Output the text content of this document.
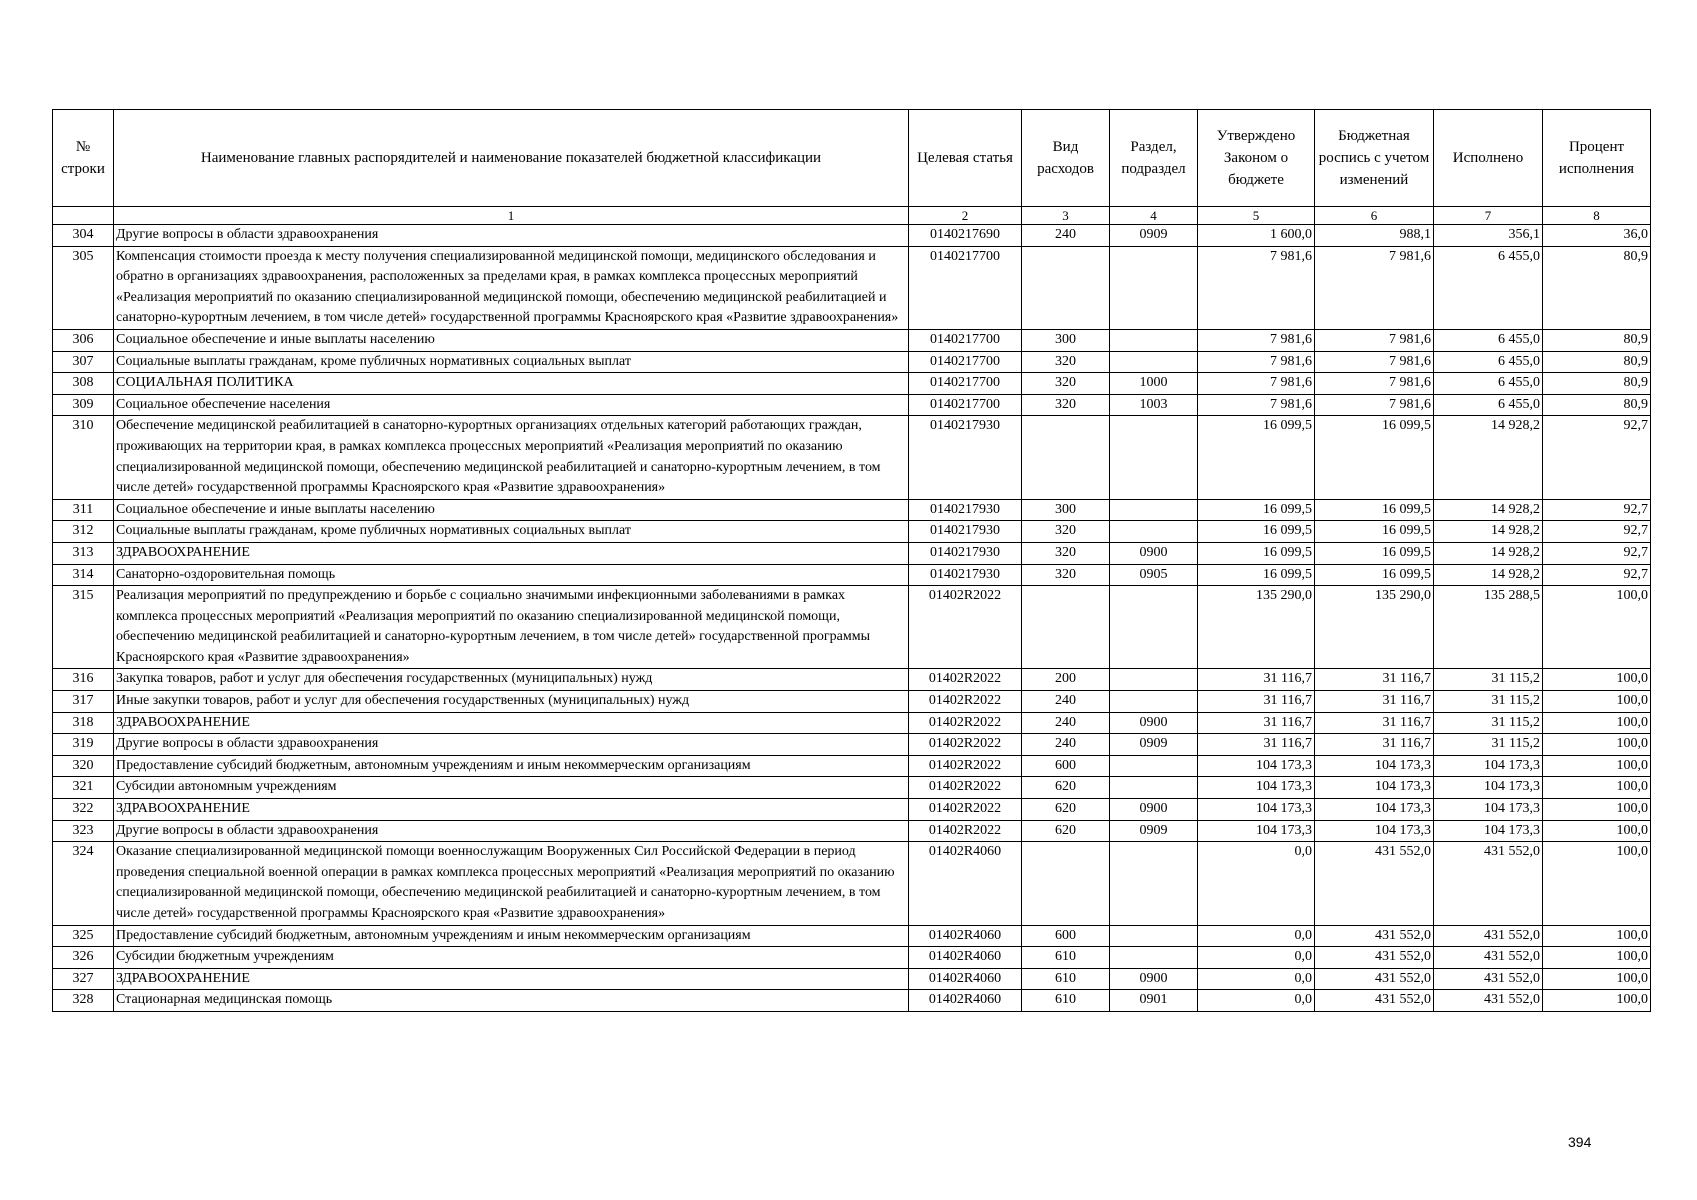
№ строки	Наименование главных распорядителей и наименование показателей бюджетной классификации	Целевая статья	Вид расходов	Раздел, подраздел	Утверждено Законом о бюджете	Бюджетная роспись с учетом изменений	Исполнено	Процент исполнения
	1	2	3	4	5	6	7	8
304	Другие вопросы в области здравоохранения	0140217690	240	0909	1 600,0	988,1	356,1	36,0
305	Компенсация стоимости проезда к месту получения специализированной медицинской помощи, медицинского обследования и обратно в организациях здравоохранения, расположенных за пределами края, в рамках комплекса процессных мероприятий «Реализация мероприятий по оказанию специализированной медицинской помощи, обеспечению медицинской реабилитацией и санаторно-курортным лечением, в том числе детей» государственной программы Красноярского края «Развитие здравоохранения»	0140217700			7 981,6	7 981,6	6 455,0	80,9
306	Социальное обеспечение и иные выплаты населению	0140217700	300		7 981,6	7 981,6	6 455,0	80,9
307	Социальные выплаты гражданам, кроме публичных нормативных социальных выплат	0140217700	320		7 981,6	7 981,6	6 455,0	80,9
308	СОЦИАЛЬНАЯ ПОЛИТИКА	0140217700	320	1000	7 981,6	7 981,6	6 455,0	80,9
309	Социальное обеспечение населения	0140217700	320	1003	7 981,6	7 981,6	6 455,0	80,9
310	Обеспечение медицинской реабилитацией в санаторно-курортных организациях отдельных категорий работающих граждан, проживающих на территории края, в рамках комплекса процессных мероприятий «Реализация мероприятий по оказанию специализированной медицинской помощи, обеспечению медицинской реабилитацией и санаторно-курортным лечением, в том числе детей» государственной программы Красноярского края «Развитие здравоохранения»	0140217930			16 099,5	16 099,5	14 928,2	92,7
311	Социальное обеспечение и иные выплаты населению	0140217930	300		16 099,5	16 099,5	14 928,2	92,7
312	Социальные выплаты гражданам, кроме публичных нормативных социальных выплат	0140217930	320		16 099,5	16 099,5	14 928,2	92,7
313	ЗДРАВООХРАНЕНИЕ	0140217930	320	0900	16 099,5	16 099,5	14 928,2	92,7
314	Санаторно-оздоровительная помощь	0140217930	320	0905	16 099,5	16 099,5	14 928,2	92,7
315	Реализация мероприятий по предупреждению и борьбе с социально значимыми инфекционными заболеваниями в рамках комплекса процессных мероприятий «Реализация мероприятий по оказанию специализированной медицинской помощи, обеспечению медицинской реабилитацией и санаторно-курортным лечением, в том числе детей» государственной программы Красноярского края «Развитие здравоохранения»	01402R2022			135 290,0	135 290,0	135 288,5	100,0
316	Закупка товаров, работ и услуг для обеспечения государственных (муниципальных) нужд	01402R2022	200		31 116,7	31 116,7	31 115,2	100,0
317	Иные закупки товаров, работ и услуг для обеспечения государственных (муниципальных) нужд	01402R2022	240		31 116,7	31 116,7	31 115,2	100,0
318	ЗДРАВООХРАНЕНИЕ	01402R2022	240	0900	31 116,7	31 116,7	31 115,2	100,0
319	Другие вопросы в области здравоохранения	01402R2022	240	0909	31 116,7	31 116,7	31 115,2	100,0
320	Предоставление субсидий бюджетным, автономным учреждениям и иным некоммерческим организациям	01402R2022	600		104 173,3	104 173,3	104 173,3	100,0
321	Субсидии автономным учреждениям	01402R2022	620		104 173,3	104 173,3	104 173,3	100,0
322	ЗДРАВООХРАНЕНИЕ	01402R2022	620	0900	104 173,3	104 173,3	104 173,3	100,0
323	Другие вопросы в области здравоохранения	01402R2022	620	0909	104 173,3	104 173,3	104 173,3	100,0
324	Оказание специализированной медицинской помощи военнослужащим Вооруженных Сил Российской Федерации в период проведения специальной военной операции в рамках комплекса процессных мероприятий «Реализация мероприятий по оказанию специализированной медицинской помощи, обеспечению медицинской реабилитацией и санаторно-курортным лечением, в том числе детей» государственной программы Красноярского края «Развитие здравоохранения»	01402R4060			0,0	431 552,0	431 552,0	100,0
325	Предоставление субсидий бюджетным, автономным учреждениям и иным некоммерческим организациям	01402R4060	600		0,0	431 552,0	431 552,0	100,0
326	Субсидии бюджетным учреждениям	01402R4060	610		0,0	431 552,0	431 552,0	100,0
327	ЗДРАВООХРАНЕНИЕ	01402R4060	610	0900	0,0	431 552,0	431 552,0	100,0
328	Стационарная медицинская помощь	01402R4060	610	0901	0,0	431 552,0	431 552,0	100,0
394
